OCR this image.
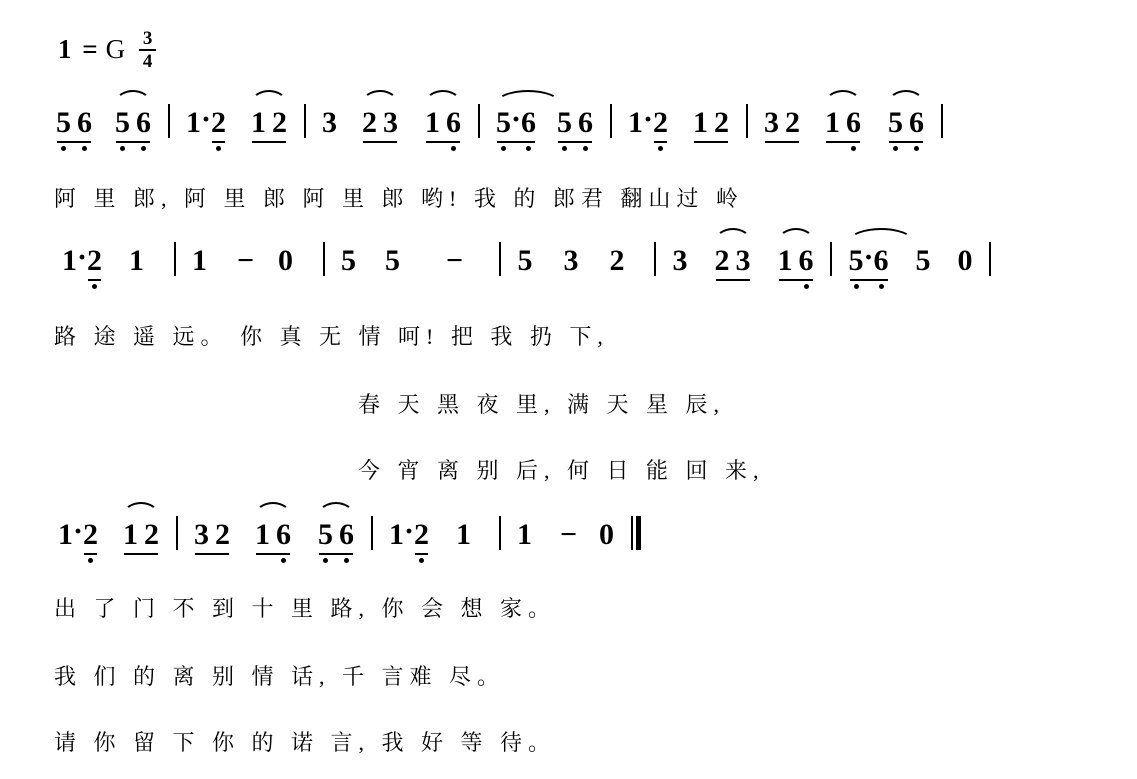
1 = G $\frac{3}{4}$
5 6 5 6 1·2 1 2 3 2 3 1 6 5·6 5 6 1·2 1 2 3 2 1 6 5 6
阿 里 郎, 阿 里 郎 阿 里 郎 哟! 我 的 郎君 翻山过 岭
1·2 1 1 − 0 5 5 − 5 3 2 3 2 3 1 6 5·6 5 0
路 途 遥 远。 你 真 无 情 呵! 把 我 扔 下,
春 天 黑 夜 里, 满 天 星 辰,
今 宵 离 别 后, 何 日 能 回 来,
1·2 1 2 3 2 1 6 5 6 1·2 1 1 − 0
出 了 门 不 到 十 里 路, 你 会 想 家。
我 们 的 离 别 情 话, 千 言难 尽。
请 你 留 下 你 的 诺 言, 我 好 等 待。
